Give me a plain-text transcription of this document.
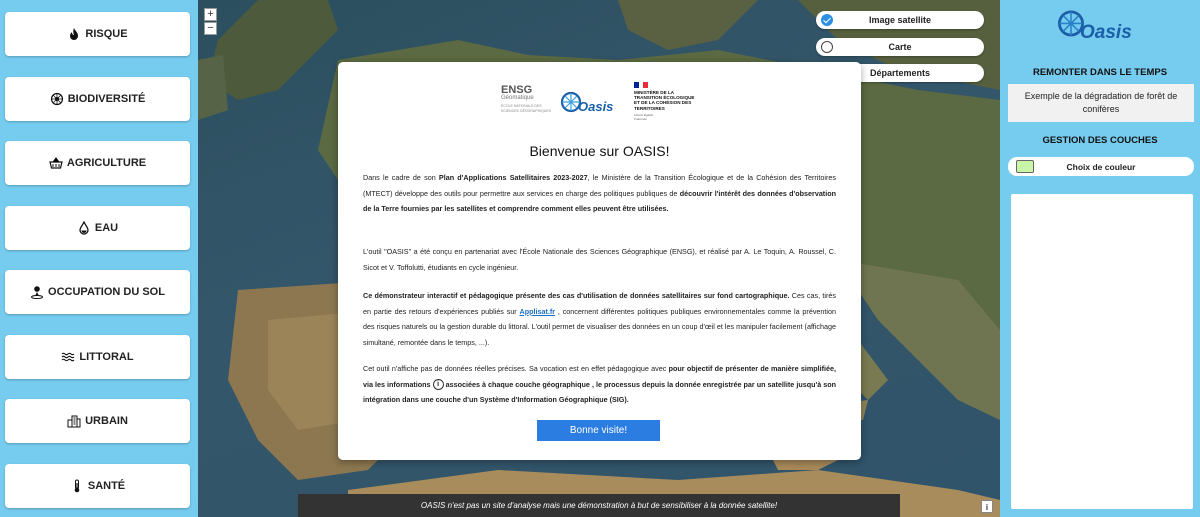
RISQUE
BIODIVERSITÉ
AGRICULTURE
EAU
OCCUPATION DU SOL
LITTORAL
URBAIN
SANTÉ
+
−
Image satellite
Carte
Départements
OASIS n'est pas un site d'analyse mais une démonstration à but de sensibiliser à la donnée satellite!	i
ENSG
Géomatique
ÉCOLE NATIONALE DES SCIENCES GÉOGRAPHIQUES Oasis
MINISTÈRE DE LA TRANSITION ÉCOLOGIQUE ET DE LA COHÉSION DES TERRITOIRES
Liberté Égalité Fraternité
Bienvenue sur OASIS!
Dans le cadre de son Plan d'Applications Satellitaires 2023-2027, le Ministère de la Transition Écologique et de la Cohésion des Territoires (MTECT) développe des outils pour permettre aux services en charge des politiques publiques de découvrir l'intérêt des données d'observation de la Terre fournies par les satellites et comprendre comment elles peuvent être utilisées.
L'outil "OASIS" a été conçu en partenariat avec l'École Nationale des Sciences Géographique (ENSG), et réalisé par A. Le Toquin, A. Roussel, C. Sicot et V. Toffolutti, étudiants en cycle ingénieur.
Ce démonstrateur interactif et pédagogique présente des cas d'utilisation de données satellitaires sur fond cartographique. Ces cas, tirés en partie des retours d'expériences publiés sur Applisat.fr , concernent différentes politiques publiques environnementales comme la prévention des risques naturels ou la gestion durable du littoral. L'outil permet de visualiser des données en un coup d'œil et les manipuler facilement (affichage simultané, remontée dans le temps, ...).
Cet outil n'affiche pas de données réelles précises. Sa vocation est en effet pédagogique avec pour objectif de présenter de manière simplifiée, via les informations i associées à chaque couche géographique , le processus depuis la donnée enregistrée par un satellite jusqu'à son intégration dans une couche d'un Système d'Information Géographique (SIG).
Bonne visite!
Oasis
REMONTER DANS LE TEMPS
Exemple de la dégradation de forêt de conifères
GESTION DES COUCHES
Choix de couleur
